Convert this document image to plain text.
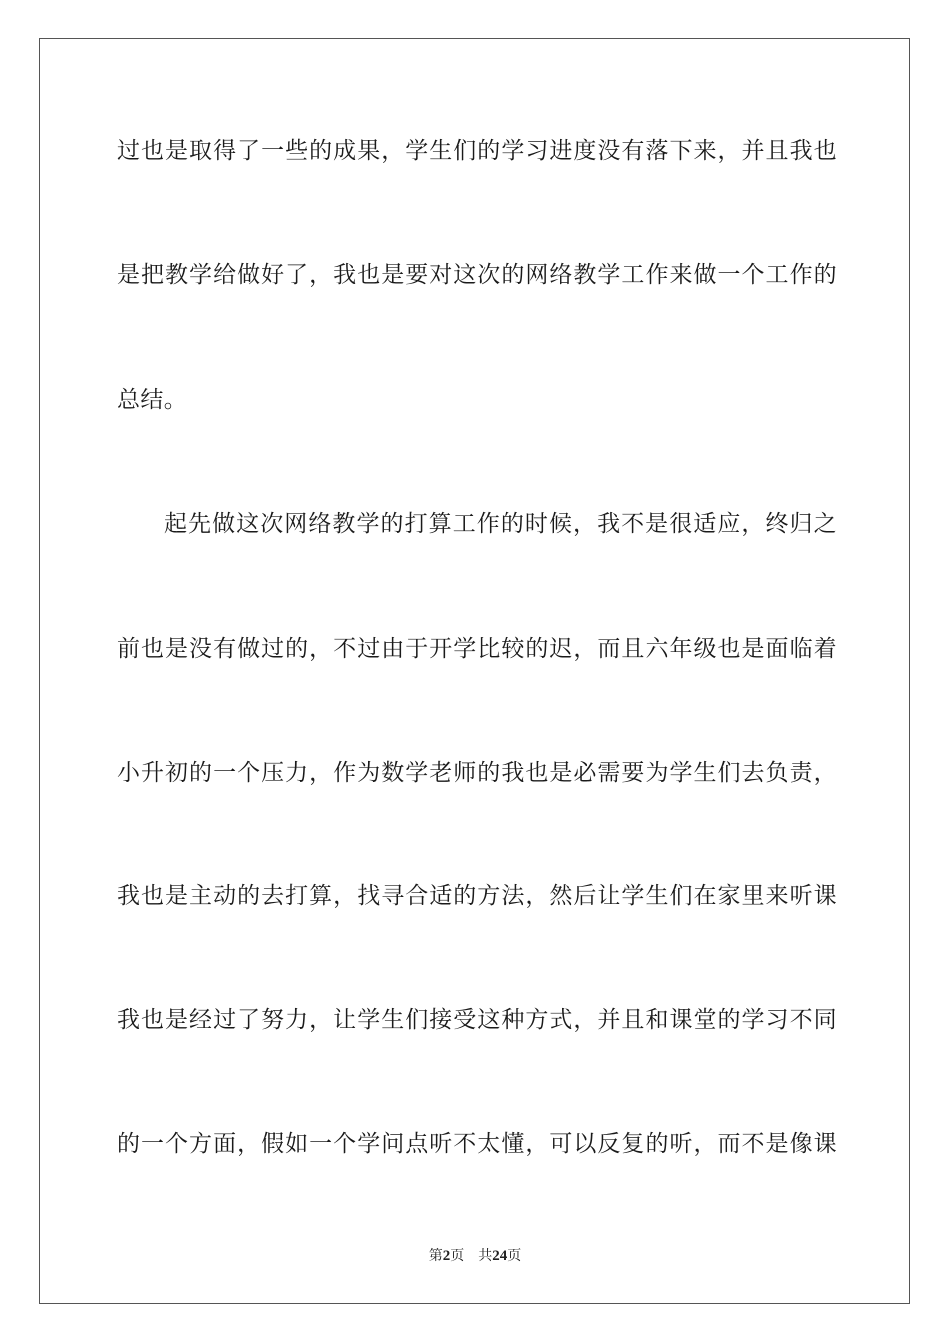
过也是取得了一些的成果，学生们的学习进度没有落下来，并且我也
是把教学给做好了，我也是要对这次的网络教学工作来做一个工作的
总结。
起先做这次网络教学的打算工作的时候，我不是很适应，终归之
前也是没有做过的，不过由于开学比较的迟，而且六年级也是面临着
小升初的一个压力，作为数学老师的我也是必需要为学生们去负责，
我也是主动的去打算，找寻合适的方法，然后让学生们在家里来听课
我也是经过了努力，让学生们接受这种方式，并且和课堂的学习不同
的一个方面，假如一个学问点听不太懂，可以反复的听，而不是像课
第2页 共24页
